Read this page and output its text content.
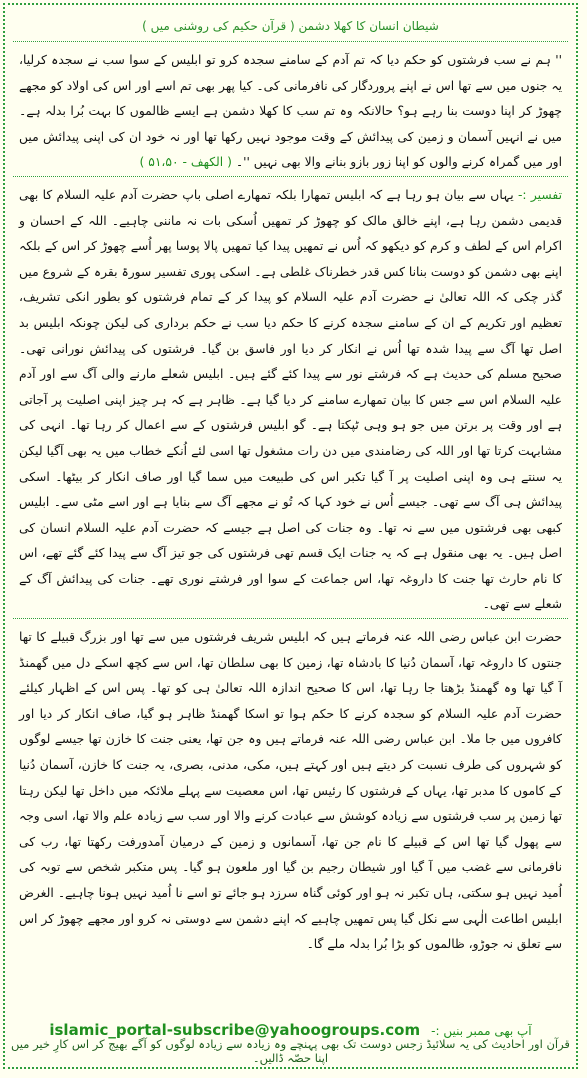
شیطان انسان کا کھلا دشمن ( قرآن حکیم کی روشنی میں )

'' ہم نے سب فرشتوں کو حکم دیا کہ تم آدم کے سامنے سجدہ کرو تو ابلیس کے سوا سب نے سجدہ کرلیا، یہ جنوں میں سے تھا اس نے اپنے پروردگار کی نافرمانی کی۔ کیا پھر بھی تم اسے اور اس کی اولاد کو مجھے چھوڑ کر اپنا دوست بنا رہے ہو؟ حالانکہ وہ تم سب کا کھلا دشمن ہے ایسے ظالموں کا بہت بُرا بدلہ ہے۔ میں نے انہیں آسمان و زمین کی پیدائش کے وقت موجود نہیں رکھا تھا اور نہ خود ان کی اپنی پیدائش میں اور میں گمراہ کرنے والوں کو اپنا زور بازو بنانے والا بھی نہیں ''۔ ( الکھف - ۵۱،۵۰ )

تفسیر :- یہاں سے بیان ہو رہا ہے کہ ابلیس تمھارا بلکہ تمھارے اصلی باپ حضرت آدم علیہ السلام کا بھی قدیمی دشمن رہا ہے، اپنے خالق مالک کو چھوڑ کر تمھیں اُسکی بات نہ ماننی چاہیے۔ اللہ کے احسان و اکرام اس کے لطف و کرم کو دیکھو کہ اُس نے تمھیں پیدا کیا تمھیں پالا پوسا پھر اُسے چھوڑ کر اس کے بلکہ اپنے بھی دشمن کو دوست بنانا کس قدر خطرناک غلطی ہے۔ اسکی پوری تفسیر سورۃ بقرہ کے شروع میں گذر چکی کہ اللہ تعالیٰ نے حضرت آدم علیہ السلام کو پیدا کر کے تمام فرشتوں کو بطور انکی تشریف، تعظیم اور تکریم کے ان کے سامنے سجدہ کرنے کا حکم دیا سب نے حکم برداری کی لیکن چونکہ ابلیس بد اصل تھا آگ سے پیدا شدہ تھا اُس نے انکار کر دیا اور فاسق بن گیا۔ فرشتوں کی پیدائش نورانی تھی۔ صحیح مسلم کی حدیث ہے کہ فرشتے نور سے پیدا کئے گئے ہیں۔ ابلیس شعلے مارنے والی آگ سے اور آدم علیہ السلام اس سے جس کا بیان تمھارے سامنے کر دیا گیا ہے۔ ظاہر ہے کہ ہر چیز اپنی اصلیت پر آجاتی ہے اور وقت پر برتن میں جو ہو وہی ٹپکتا ہے۔ گو ابلیس فرشتوں کے سے اعمال کر رہا تھا۔ انہی کی مشابہت کرتا تھا اور اللہ کی رضامندی میں دن رات مشغول تھا اسی لئے اُنکے خطاب میں یہ بھی آگیا لیکن یہ سنتے ہی وہ اپنی اصلیت پر آ گیا تکبر اس کی طبیعت میں سما گیا اور صاف انکار کر بیٹھا۔ اسکی پیدائش ہی آگ سے تھی۔ جیسے اُس نے خود کہا کہ تُو نے مجھے آگ سے بنایا ہے اور اسے مٹی سے۔ ابلیس کبھی بھی فرشتوں میں سے نہ تھا۔ وہ جنات کی اصل ہے جیسے کہ حضرت آدم علیہ السلام انسان کی اصل ہیں۔ یہ بھی منقول ہے کہ یہ جنات ایک قسم تھی فرشتوں کی جو تیز آگ سے پیدا کئے گئے تھے، اس کا نام حارث تھا جنت کا داروغہ تھا، اس جماعت کے سوا اور فرشتے نوری تھے۔ جنات کی پیدائش آگ کے شعلے سے تھی۔

حضرت ابن عباس رضی اللہ عنہ فرماتے ہیں کہ ابلیس شریف فرشتوں میں سے تھا اور بزرگ قبیلے کا تھا جنتوں کا داروغہ تھا، آسمان دُنیا کا بادشاہ تھا، زمین کا بھی سلطان تھا، اس سے کچھ اسکے دل میں گھمنڈ آ گیا تھا وہ گھمنڈ بڑھتا جا رہا تھا، اس کا صحیح اندازہ اللہ تعالیٰ ہی کو تھا۔ پس اس کے اظہار کیلئے حضرت آدم علیہ السلام کو سجدہ کرنے کا حکم ہوا تو اسکا گھمنڈ ظاہر ہو گیا، صاف انکار کر دیا اور کافروں میں جا ملا۔ ابن عباس رضی اللہ عنہ فرماتے ہیں وہ جن تھا، یعنی جنت کا خازن تھا جیسے لوگوں کو شہروں کی طرف نسبت کر دیتے ہیں اور کہتے ہیں، مکی، مدنی، بصری، یہ جنت کا خازن، آسمان دُنیا کے کاموں کا مدبر تھا، یہاں کے فرشتوں کا رئیس تھا، اس معصیت سے پہلے ملائکہ میں داخل تھا لیکن رہتا تھا زمین پر سب فرشتوں سے زیادہ کوشش سے عبادت کرنے والا اور سب سے زیادہ علم والا تھا، اسی وجہ سے پھول گیا تھا اس کے قبیلے کا نام جن تھا، آسمانوں و زمین کے درمیان آمدورفت رکھتا تھا، رب کی نافرمانی سے غضب میں آ گیا اور شیطان رجیم بن گیا اور ملعون ہو گیا۔ پس متکبر شخص سے توبہ کی اُمید نہیں ہو سکتی، ہاں تکبر نہ ہو اور کوئی گناہ سرزد ہو جائے تو اسے نا اُمید نہیں ہونا چاہیے۔ الغرض ابلیس اطاعت الٰہی سے نکل گیا پس تمھیں چاہیے کہ اپنے دشمن سے دوستی نہ کرو اور مجھے چھوڑ کر اس سے تعلق نہ جوڑو، ظالموں کو بڑا بُرا بدلہ ملے گا۔

islamic_portal-subscribe@yahoogroups.com آپ بھی ممبر بنیں :-
قرآن اور احادیث کی یہ سلائیڈ زجس دوست تک بھی پہنچے وہ زیادہ سے زیادہ لوگوں کو آگے بھیج کر اس کارِ خیر میں اپنا حصّہ ڈالیں۔
